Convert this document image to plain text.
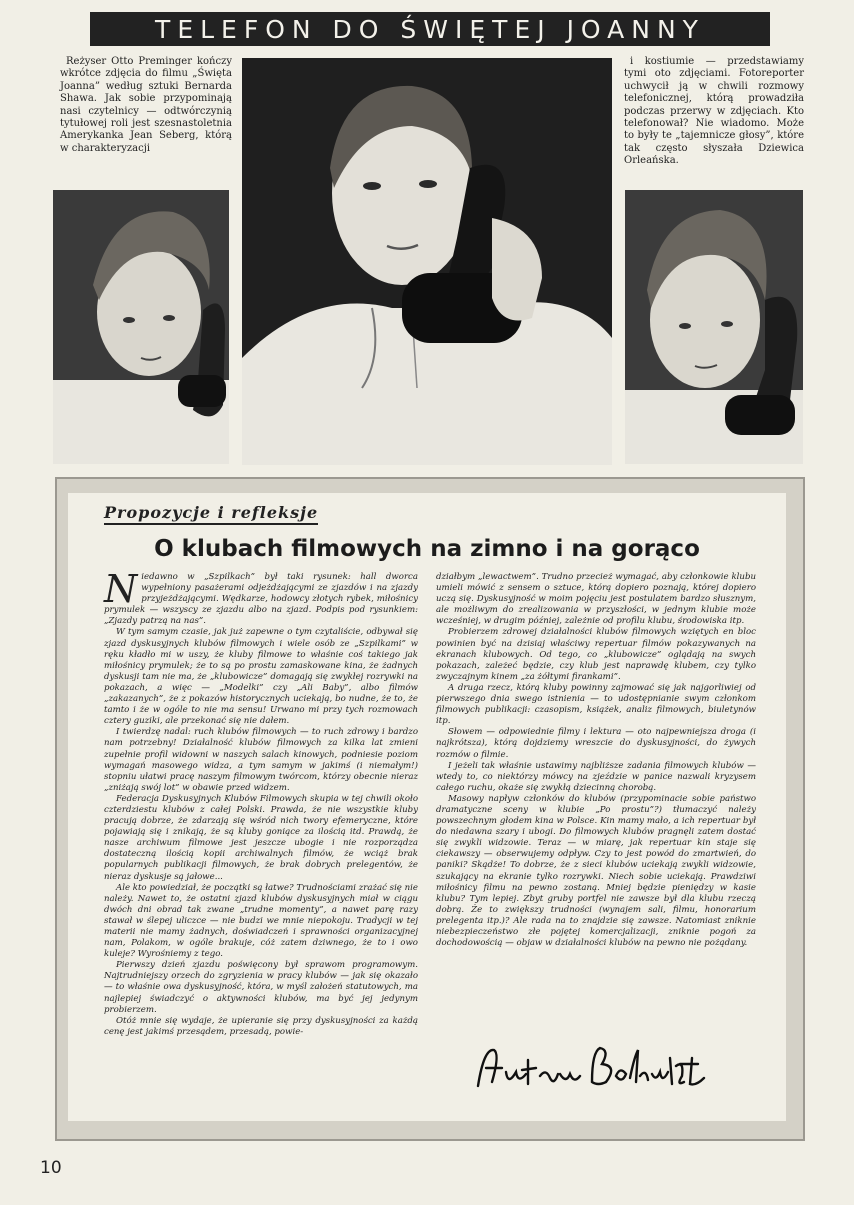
TELEFON DO ŚWIĘTEJ JOANNY

Reżyser Otto Preminger kończy wkrótce zdjęcia do filmu „Święta Joanna” według sztuki Bernarda Shawa. Jak sobie przypominają nasi czytelnicy — odtwórczynią tytułowej roli jest szesnastoletnia Amerykanka Jean Seberg, którą w charakteryzacji

i kostiumie — przedstawiamy tymi oto zdjęciami. Fotoreporter uchwycił ją w chwili rozmowy telefonicznej, którą prowadziła podczas przerwy w zdjęciach. Kto telefonował? Nie wiadomo. Może to były te „tajemnicze głosy”, które tak często słyszała Dziewica Orleańska.

Propozycje i refleksje
O klubach filmowych na zimno i na gorąco

Niedawno w „Szpilkach” był taki rysunek: hall dworca wypełniony pasażerami odjeżdżającymi ze zjazdów i na zjazdy przyjeżdżającymi. Wędkarze, hodowcy złotych rybek, miłośnicy prymulek — wszyscy ze zjazdu albo na zjazd. Podpis pod rysunkiem: „Zjazdy patrzą na nas”.

W tym samym czasie, jak już zapewne o tym czytaliście, odbywał się zjazd dyskusyjnych klubów filmowych i wiele osób ze „Szpilkami” w ręku kładło mi w uszy, że kluby filmowe to właśnie coś takiego jak miłośnicy prymulek; że to są po prostu zamaskowane kina, że żadnych dyskusji tam nie ma, że „klubowicze” domagają się zwykłej rozrywki na pokazach, a więc — „Modelki” czy „Ali Baby”, albo filmów „zakazanych”, że z pokazów historycznych uciekają, bo nudne, że to, że tamto i że w ogóle to nie ma sensu! Urwano mi przy tych rozmowach cztery guziki, ale przekonać się nie dałem.

I twierdzę nadal: ruch klubów filmowych — to ruch zdrowy i bardzo nam potrzebny! Działalność klubów filmowych za kilka lat zmieni zupełnie profil widowni w naszych salach kinowych, podniesie poziom wymagań masowego widza, a tym samym w jakimś (i niemałym!) stopniu ułatwi pracę naszym filmowym twórcom, którzy obecnie nieraz „zniżają swój lot” w obawie przed widzem.

Federacja Dyskusyjnych Klubów Filmowych skupia w tej chwili około czterdziestu klubów z całej Polski. Prawda, że nie wszystkie kluby pracują dobrze, że zdarzają się wśród nich twory efemeryczne, które pojawiają się i znikają, że są kluby goniące za ilością itd. Prawdą, że nasze archiwum filmowe jest jeszcze ubogie i nie rozporządza dostateczną ilością kopii archiwalnych filmów, że wciąż brak popularnych publikacji filmowych, że brak dobrych prelegentów, że nieraz dyskusje są jałowe...

Ale kto powiedział, że początki są łatwe? Trudnościami zrażać się nie należy. Nawet to, że ostatni zjazd klubów dyskusyjnych miał w ciągu dwóch dni obrad tak zwane „trudne momenty”, a nawet parę razy stawał w ślepej uliczce — nie budzi we mnie niepokoju. Tradycji w tej materii nie mamy żadnych, doświadczeń i sprawności organizacyjnej nam, Polakom, w ogóle brakuje, cóż zatem dziwnego, że to i owo kuleje? Wyrośniemy z tego.

Pierwszy dzień zjazdu poświęcony był sprawom programowym. Najtrudniejszy orzech do zgryzienia w pracy klubów — jak się okazało — to właśnie owa dyskusyjność, która, w myśl założeń statutowych, ma najlepiej świadczyć o aktywności klubów, ma być jej jedynym probierzem.

Otóż mnie się wydaje, że upieranie się przy dyskusyjności za każdą cenę jest jakimś przesądem, przesadą, powie-

działbym „lewactwem”. Trudno przecież wymagać, aby członkowie klubu umieli mówić z sensem o sztuce, którą dopiero poznają, której dopiero uczą się. Dyskusyjność w moim pojęciu jest postulatem bardzo słusznym, ale możliwym do zrealizowania w przyszłości, w jednym klubie może wcześniej, w drugim później, zależnie od profilu klubu, środowiska itp.

Probierzem zdrowej działalności klubów filmowych wziętych en bloc powinien być na dzisiaj właściwy repertuar filmów pokazywanych na ekranach klubowych. Od tego, co „klubowicze” oglądają na swych pokazach, zależeć będzie, czy klub jest naprawdę klubem, czy tylko zwyczajnym kinem „za żółtymi firankami”.

A druga rzecz, którą kluby powinny zajmować się jak najgorliwiej od pierwszego dnia swego istnienia — to udostępnianie swym członkom filmowych publikacji: czasopism, książek, analiz filmowych, biuletynów itp.

Słowem — odpowiednie filmy i lektura — oto najpewniejsza droga (i najkrótsza), którą dojdziemy wreszcie do dyskusyjności, do żywych rozmów o filmie.

I jeżeli tak właśnie ustawimy najbliższe zadania filmowych klubów — wtedy to, co niektórzy mówcy na zjeździe w panice nazwali kryzysem całego ruchu, okaże się zwykłą dziecinną chorobą.

Masowy napływ członków do klubów (przypominacie sobie państwo dramatyczne sceny w klubie „Po prostu”?) tłumaczyć należy powszechnym głodem kina w Polsce. Kin mamy mało, a ich repertuar był do niedawna szary i ubogi. Do filmowych klubów pragnęli zatem dostać się zwykli widzowie. Teraz — w miarę, jak repertuar kin staje się ciekawszy — obserwujemy odpływ. Czy to jest powód do zmartwień, do paniki? Skądże! To dobrze, że z sieci klubów uciekają zwykli widzowie, szukający na ekranie tylko rozrywki. Niech sobie uciekają. Prawdziwi miłośnicy filmu na pewno zostaną. Mniej będzie pieniędzy w kasie klubu? Tym lepiej. Zbyt gruby portfel nie zawsze był dla klubu rzeczą dobrą. Że to zwiększy trudności (wynajem sali, filmu, honorarium prelegenta itp.)? Ale rada na to znajdzie się zawsze. Natomiast zniknie niebezpieczeństwo złe pojętej komercjalizacji, zniknie pogoń za dochodowością — objaw w działalności klubów na pewno nie pożądany.

10
